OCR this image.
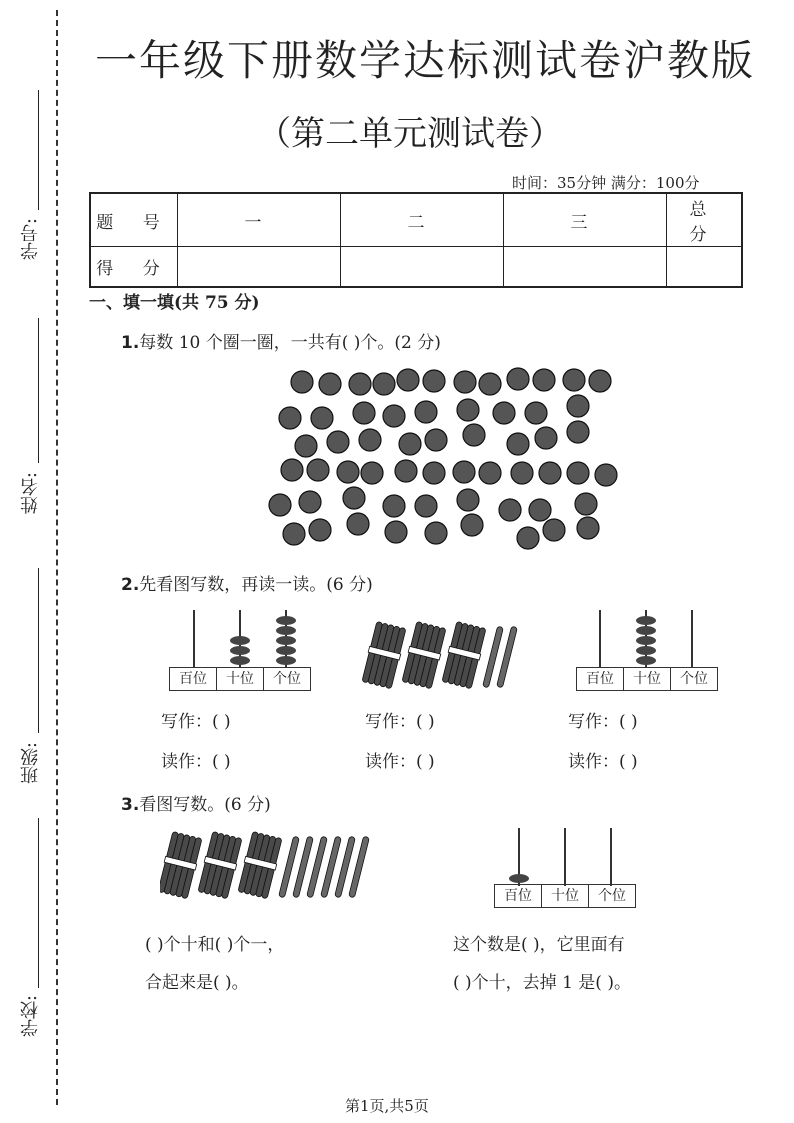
学号:
姓名:
班级:
学校:
一年级下册数学达标测试卷沪教版
（第二单元测试卷）
时间：35分钟 满分：100分
题 号	一	二	三	总 分
得 分				
一、填一填(共 75 分)
1.每数 10 个圈一圈，一共有( )个。(2 分)
2.先看图写数，再读一读。(6 分)
百位	十位	个位	百位	十位	个位
写作：( )	写作：( )	写作：( )
读作：( )	读作：( )	读作：( )
3.看图写数。(6 分)
百位	十位	个位
( )个十和( )个一，
合起来是( )。
这个数是( )，它里面有
( )个十，去掉 1 是( )。
第1页,共5页
